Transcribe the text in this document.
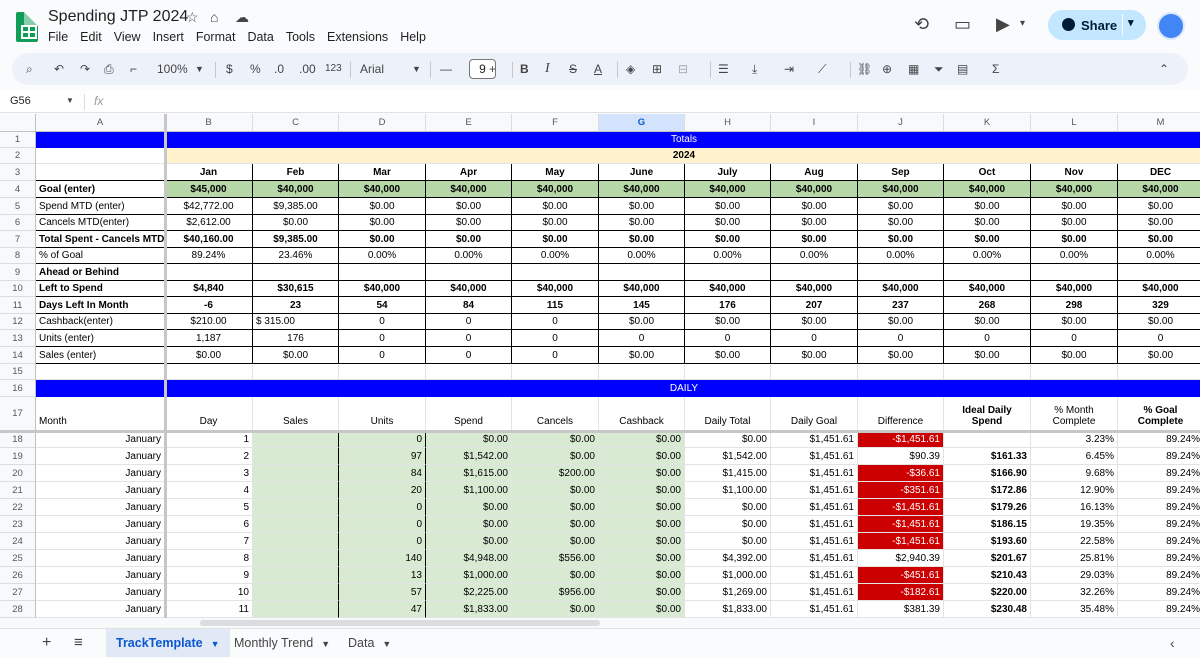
Spending JTP 2024
☆ ⌂ ☁
File Edit View Insert Format Data Tools Extensions Help
⟲ ▭ ▶ ▾	Share ▾
⌕ ↶ ↷ ⎙ ⌐ 100% ▼ $ % .0 .00 123 Arial	▼ —	9 + B I S A ◈ ⊞ ⊟ ☰ ⤓ ⇥ ⟋	⛓ ⊕ ▦ ⏷ ▤ Σ	⌃
G56	▼ fx
A	B	C	D	E	F	G	H	I	J	K	L	M
1	Totals
2	2024
3	Jan	Feb	Mar	Apr	May	June	July	Aug	Sep	Oct	Nov	DEC
4	Goal (enter)	$45,000	$40,000	$40,000	$40,000	$40,000	$40,000	$40,000	$40,000	$40,000	$40,000	$40,000	$40,000
5	Spend MTD (enter)	$42,772.00	$9,385.00	$0.00	$0.00	$0.00	$0.00	$0.00	$0.00	$0.00	$0.00	$0.00	$0.00
6	Cancels MTD(enter)	$2,612.00	$0.00	$0.00	$0.00	$0.00	$0.00	$0.00	$0.00	$0.00	$0.00	$0.00	$0.00
7	Total Spent - Cancels MTD	$40,160.00	$9,385.00	$0.00	$0.00	$0.00	$0.00	$0.00	$0.00	$0.00	$0.00	$0.00	$0.00
8	% of Goal	89.24%	23.46%	0.00%	0.00%	0.00%	0.00%	0.00%	0.00%	0.00%	0.00%	0.00%	0.00%
9	Ahead or Behind
10	Left to Spend	$4,840	$30,615	$40,000	$40,000	$40,000	$40,000	$40,000	$40,000	$40,000	$40,000	$40,000	$40,000
11	Days Left In Month	-6	23	54	84	115	145	176	207	237	268	298	329
12	Cashback(enter)	$210.00	$ 315.00	0	0	0	$0.00	$0.00	$0.00	$0.00	$0.00	$0.00	$0.00
13	Units (enter)	1,187	176	0	0	0	0	0	0	0	0	0	0
14	Sales (enter)	$0.00	$0.00	0	0	0	$0.00	$0.00	$0.00	$0.00	$0.00	$0.00	$0.00
15
16	DAILY
17
Month	Day	Sales	Units	Spend	Cancels	Cashback	Daily Total	Daily Goal	Difference
Ideal Daily Spend
% Month Complete
% Goal Complete
18	January	1	0	$0.00	$0.00	$0.00	$0.00	$1,451.61	-$1,451.61	3.23%	89.24%
19	January	2	97	$1,542.00	$0.00	$0.00	$1,542.00	$1,451.61	$90.39	$161.33	6.45%	89.24%
20	January	3	84	$1,615.00	$200.00	$0.00	$1,415.00	$1,451.61	-$36.61	$166.90	9.68%	89.24%
21	January	4	20	$1,100.00	$0.00	$0.00	$1,100.00	$1,451.61	-$351.61	$172.86	12.90%	89.24%
22	January	5	0	$0.00	$0.00	$0.00	$0.00	$1,451.61	-$1,451.61	$179.26	16.13%	89.24%
23	January	6	0	$0.00	$0.00	$0.00	$0.00	$1,451.61	-$1,451.61	$186.15	19.35%	89.24%
24	January	7	0	$0.00	$0.00	$0.00	$0.00	$1,451.61	-$1,451.61	$193.60	22.58%	89.24%
25	January	8	140	$4,948.00	$556.00	$0.00	$4,392.00	$1,451.61	$2,940.39	$201.67	25.81%	89.24%
26	January	9	13	$1,000.00	$0.00	$0.00	$1,000.00	$1,451.61	-$451.61	$210.43	29.03%	89.24%
27	January	10	57	$2,225.00	$956.00	$0.00	$1,269.00	$1,451.61	-$182.61	$220.00	32.26%	89.24%
28	January	11	47	$1,833.00	$0.00	$0.00	$1,833.00	$1,451.61	$381.39	$230.48	35.48%	89.24%
+	≡	‹
TrackTemplate ▼	Monthly Trend ▼	Data ▼
